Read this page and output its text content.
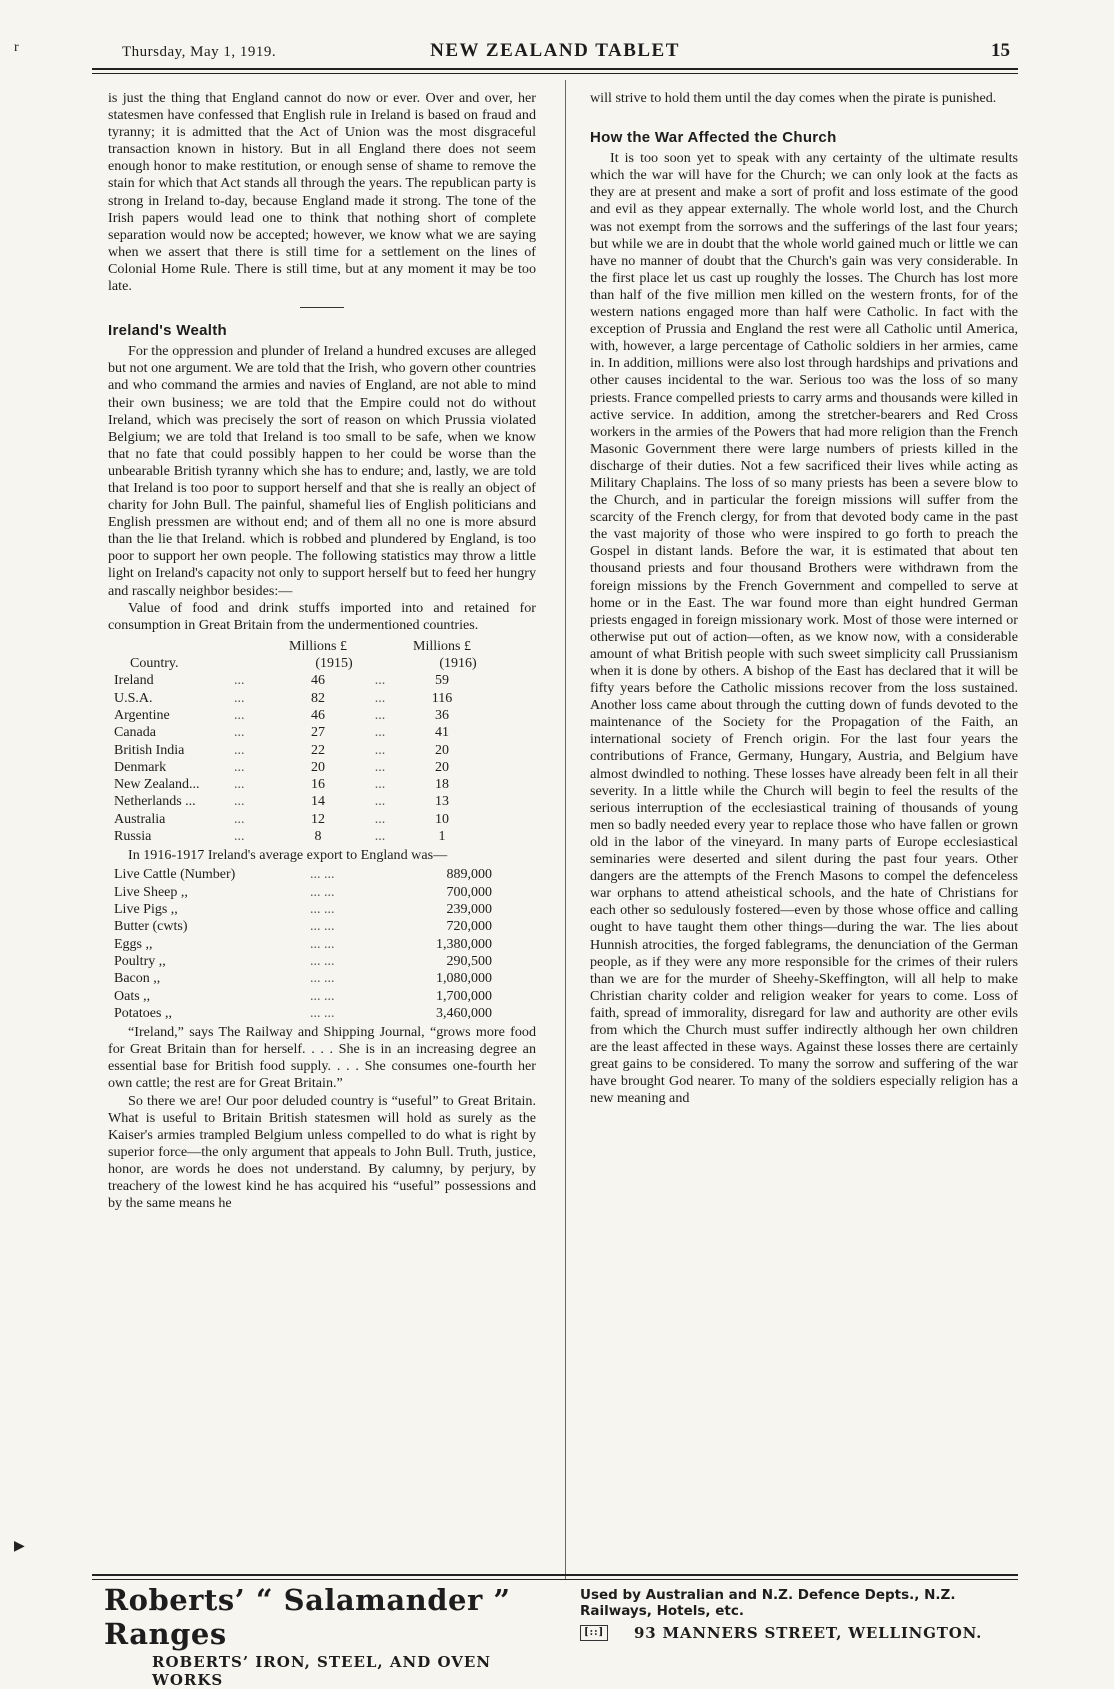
r
▶
Thursday, May 1, 1919.	NEW ZEALAND TABLET	15

is just the thing that England cannot do now or ever. Over and over, her statesmen have confessed that English rule in Ireland is based on fraud and tyranny; it is admitted that the Act of Union was the most disgraceful transaction known in history. But in all England there does not seem enough honor to make restitution, or enough sense of shame to remove the stain for which that Act stands all through the years. The republican party is strong in Ireland to-day, because England made it strong. The tone of the Irish papers would lead one to think that nothing short of complete separation would now be accepted; however, we know what we are saying when we assert that there is still time for a settlement on the lines of Colonial Home Rule. There is still time, but at any moment it may be too late.

Ireland's Wealth

For the oppression and plunder of Ireland a hundred excuses are alleged but not one argument. We are told that the Irish, who govern other countries and who command the armies and navies of England, are not able to mind their own business; we are told that the Empire could not do without Ireland, which was precisely the sort of reason on which Prussia violated Belgium; we are told that Ireland is too small to be safe, when we know that no fate that could possibly happen to her could be worse than the unbearable British tyranny which she has to endure; and, lastly, we are told that Ireland is too poor to support herself and that she is really an object of charity for John Bull. The painful, shameful lies of English politicians and English pressmen are without end; and of them all no one is more absurd than the lie that Ireland. which is robbed and plundered by England, is too poor to support her own people. The following statistics may throw a little light on Ireland's capacity not only to support herself but to feed her hungry and rascally neighbor besides:—

Value of food and drink stuffs imported into and retained for consumption in Great Britain from the undermentioned countries.

Millions £	Millions £
Country.	(1915)	(1916)
Ireland	...	46	...	59
U.S.A.	...	82	...	116
Argentine	...	46	...	36
Canada	...	27	...	41
British India	...	22	...	20
Denmark	...	20	...	20
New Zealand...	...	16	...	18
Netherlands ...	...	14	...	13
Australia	...	12	...	10
Russia	...	8	...	1

In 1916-1917 Ireland's average export to England was—

Live Cattle (Number)	... ...	889,000
Live Sheep ,,	... ...	700,000
Live Pigs ,,	... ...	239,000
Butter (cwts)	... ...	720,000
Eggs ,,	... ...	1,380,000
Poultry ,,	... ...	290,500
Bacon ,,	... ...	1,080,000
Oats ,,	... ...	1,700,000
Potatoes ,,	... ...	3,460,000

“Ireland,” says The Railway and Shipping Journal, “grows more food for Great Britain than for herself. . . . She is in an increasing degree an essential base for British food supply. . . . She consumes one-fourth her own cattle; the rest are for Great Britain.”

So there we are! Our poor deluded country is “useful” to Great Britain. What is useful to Britain British statesmen will hold as surely as the Kaiser's armies trampled Belgium unless compelled to do what is right by superior force—the only argument that appeals to John Bull. Truth, justice, honor, are words he does not understand. By calumny, by perjury, by treachery of the lowest kind he has acquired his “useful” possessions and by the same means he

will strive to hold them until the day comes when the pirate is punished.

How the War Affected the Church

It is too soon yet to speak with any certainty of the ultimate results which the war will have for the Church; we can only look at the facts as they are at present and make a sort of profit and loss estimate of the good and evil as they appear externally. The whole world lost, and the Church was not exempt from the sorrows and the sufferings of the last four years; but while we are in doubt that the whole world gained much or little we can have no manner of doubt that the Church's gain was very considerable. In the first place let us cast up roughly the losses. The Church has lost more than half of the five million men killed on the western fronts, for of the western nations engaged more than half were Catholic. In fact with the exception of Prussia and England the rest were all Catholic until America, with, however, a large percentage of Catholic soldiers in her armies, came in. In addition, millions were also lost through hardships and privations and other causes incidental to the war. Serious too was the loss of so many priests. France compelled priests to carry arms and thousands were killed in active service. In addition, among the stretcher-bearers and Red Cross workers in the armies of the Powers that had more religion than the French Masonic Government there were large numbers of priests killed in the discharge of their duties. Not a few sacrificed their lives while acting as Military Chaplains. The loss of so many priests has been a severe blow to the Church, and in particular the foreign missions will suffer from the scarcity of the French clergy, for from that devoted body came in the past the vast majority of those who were inspired to go forth to preach the Gospel in distant lands. Before the war, it is estimated that about ten thousand priests and four thousand Brothers were withdrawn from the foreign missions by the French Government and compelled to serve at home or in the East. The war found more than eight hundred German priests engaged in foreign missionary work. Most of those were interned or otherwise put out of action—often, as we know now, with a considerable amount of what British people with such sweet simplicity call Prussianism when it is done by others. A bishop of the East has declared that it will be fifty years before the Catholic missions recover from the loss sustained. Another loss came about through the cutting down of funds devoted to the maintenance of the Society for the Propagation of the Faith, an international society of French origin. For the last four years the contributions of France, Germany, Hungary, Austria, and Belgium have almost dwindled to nothing. These losses have already been felt in all their severity. In a little while the Church will begin to feel the results of the serious interruption of the ecclesiastical training of thousands of young men so badly needed every year to replace those who have fallen or grown old in the labor of the vineyard. In many parts of Europe ecclesiastical seminaries were deserted and silent during the past four years. Other dangers are the attempts of the French Masons to compel the defenceless war orphans to attend atheistical schools, and the hate of Christians for each other so sedulously fostered—even by those whose office and calling ought to have taught them other things—during the war. The lies about Hunnish atrocities, the forged fablegrams, the denunciation of the German people, as if they were any more responsible for the crimes of their rulers than we are for the murder of Sheehy-Skeffington, will all help to make Christian charity colder and religion weaker for years to come. Loss of faith, spread of immorality, disregard for law and authority are other evils from which the Church must suffer indirectly although her own children are the least affected in these ways. Against these losses there are certainly great gains to be considered. To many the sorrow and suffering of the war have brought God nearer. To many of the soldiers especially religion has a new meaning and

Roberts’ “ Salamander ” Ranges
ROBERTS’ IRON, STEEL, AND OVEN WORKS
Used by Australian and N.Z. Defence Depts., N.Z. Railways, Hotels, etc.
[::] 93 MANNERS STREET, WELLINGTON.
